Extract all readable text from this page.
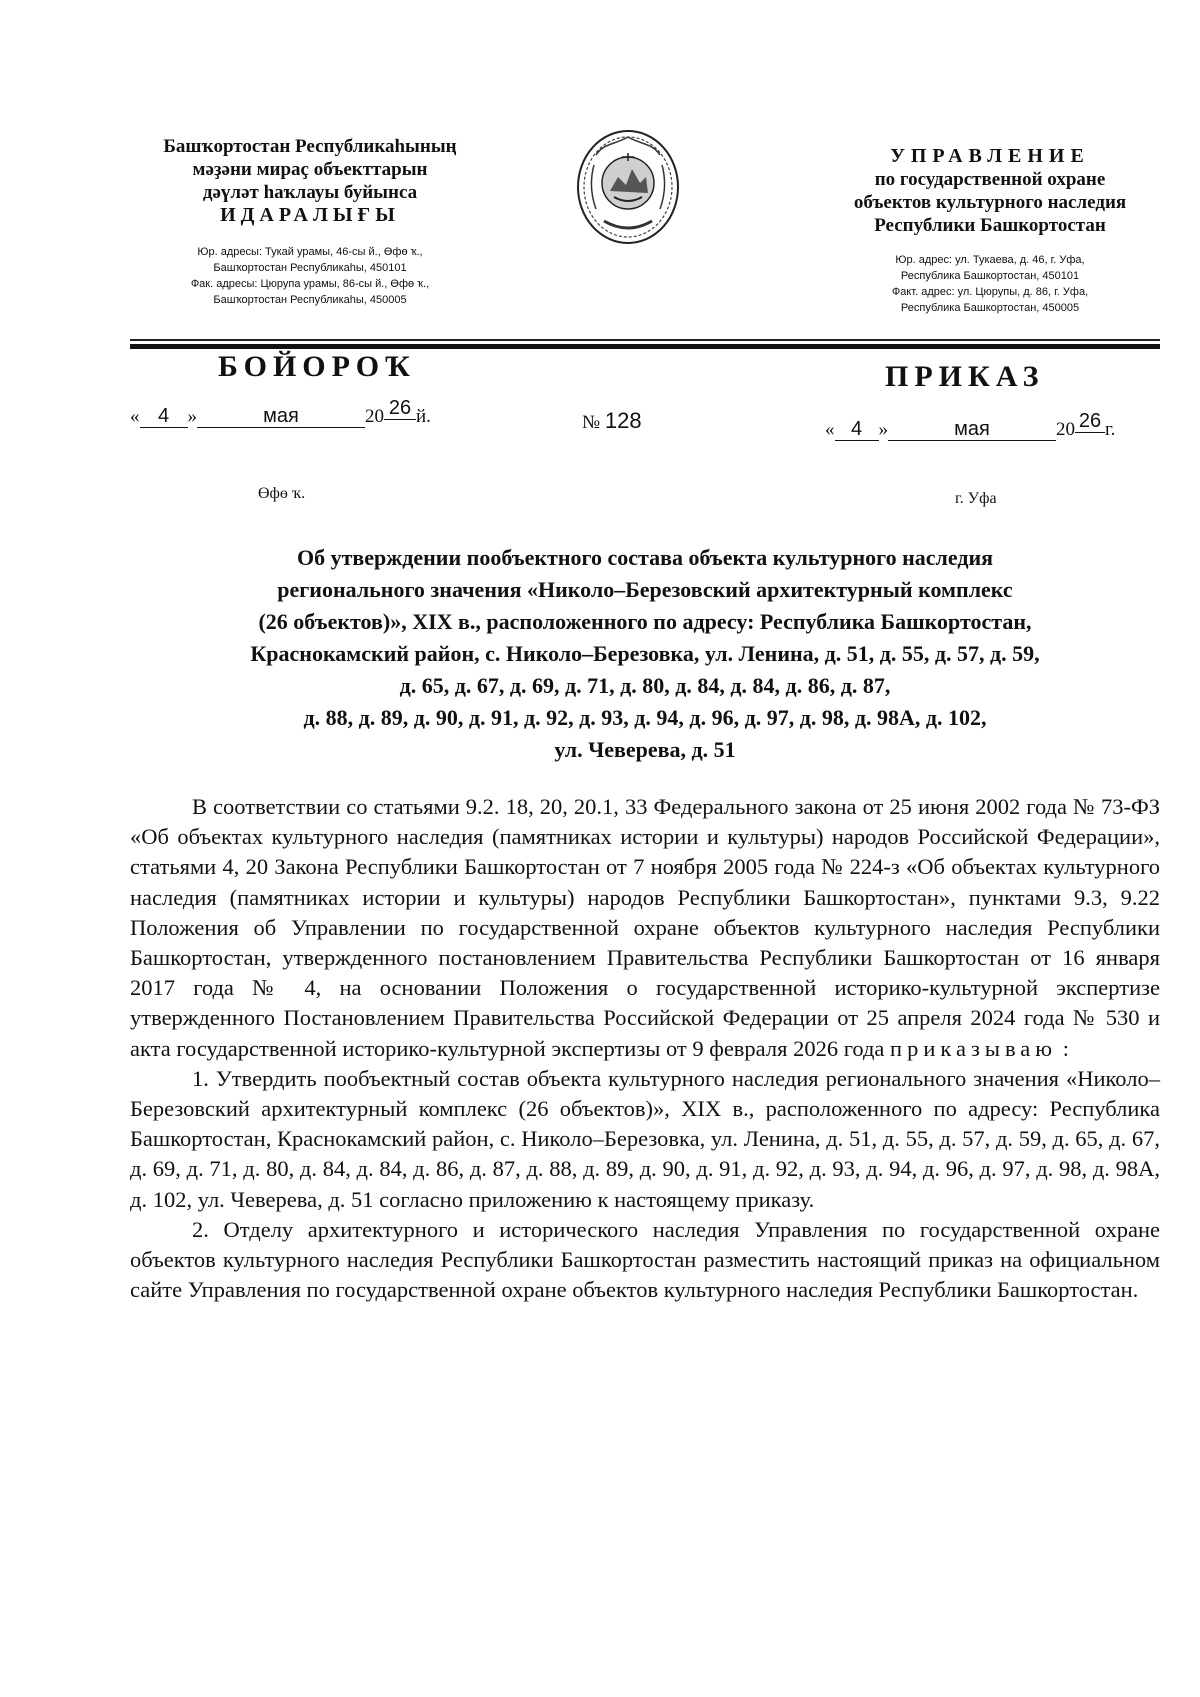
Башҡортостан Республикаһының
мәҙәни мираҫ объекттарын
дәүләт һаҡлауы буйынса
ИДАРАЛЫҒЫ
Юр. адресы: Тукай урамы, 46-сы й., Өфө ҡ.,
Башҡортостан Республикаһы, 450101
Фак. адресы: Цюрупа урамы, 86-сы й., Өфө ҡ.,
Башҡортостан Республикаһы, 450005
УПРАВЛЕНИЕ
по государственной охране
объектов культурного наследия
Республики Башкортостан
Юр. адрес: ул. Тукаева, д. 46, г. Уфа,
Республика Башкортостан, 450101
Факт. адрес: ул. Цюрупы, д. 86, г. Уфа,
Республика Башкортостан, 450005
БОЙОРОҠ	ПРИКАЗ
« 4 »	мая	20 26 й.	№ 128	« 4 »	мая	20 26 г.
Өфө ҡ.	г. Уфа
Об утверждении пообъектного состава объекта культурного наследия
регионального значения «Николо–Березовский архитектурный комплекс
(26 объектов)», XIX в., расположенного по адресу: Республика Башкортостан,
Краснокамский район, с. Николо–Березовка, ул. Ленина, д. 51, д. 55, д. 57, д. 59,
д. 65, д. 67, д. 69, д. 71, д. 80, д. 84, д. 84, д. 86, д. 87,
д. 88, д. 89, д. 90, д. 91, д. 92, д. 93, д. 94, д. 96, д. 97, д. 98, д. 98А, д. 102,
ул. Чеверева, д. 51

В соответствии со статьями 9.2. 18, 20, 20.1, 33 Федерального закона от 25 июня 2002 года № 73-ФЗ «Об объектах культурного наследия (памятниках истории и культуры) народов Российской Федерации», статьями 4, 20 Закона Республики Башкортостан от 7 ноября 2005 года № 224-з «Об объектах культурного наследия (памятниках истории и культуры) народов Республики Башкортостан», пунктами 9.3, 9.22 Положения об Управлении по государственной охране объектов культурного наследия Республики Башкортостан, утвержденного постановлением Правительства Республики Башкортостан от 16 января 2017 года № 4, на основании Положения о государственной историко-культурной экспертизе утвержденного Постановлением Правительства Российской Федерации от 25 апреля 2024 года № 530 и акта государственной историко-культурной экспертизы от 9 февраля 2026 года приказываю :

1. Утвердить пообъектный состав объекта культурного наследия регионального значения «Николо–Березовский архитектурный комплекс (26 объектов)», XIX в., расположенного по адресу: Республика Башкортостан, Краснокамский район, с. Николо–Березовка, ул. Ленина, д. 51, д. 55, д. 57, д. 59, д. 65, д. 67, д. 69, д. 71, д. 80, д. 84, д. 84, д. 86, д. 87, д. 88, д. 89, д. 90, д. 91, д. 92, д. 93, д. 94, д. 96, д. 97, д. 98, д. 98А, д. 102, ул. Чеверева, д. 51 согласно приложению к настоящему приказу.

2. Отделу архитектурного и исторического наследия Управления по государственной охране объектов культурного наследия Республики Башкортостан разместить настоящий приказ на официальном сайте Управления по государственной охране объектов культурного наследия Республики Башкортостан.
